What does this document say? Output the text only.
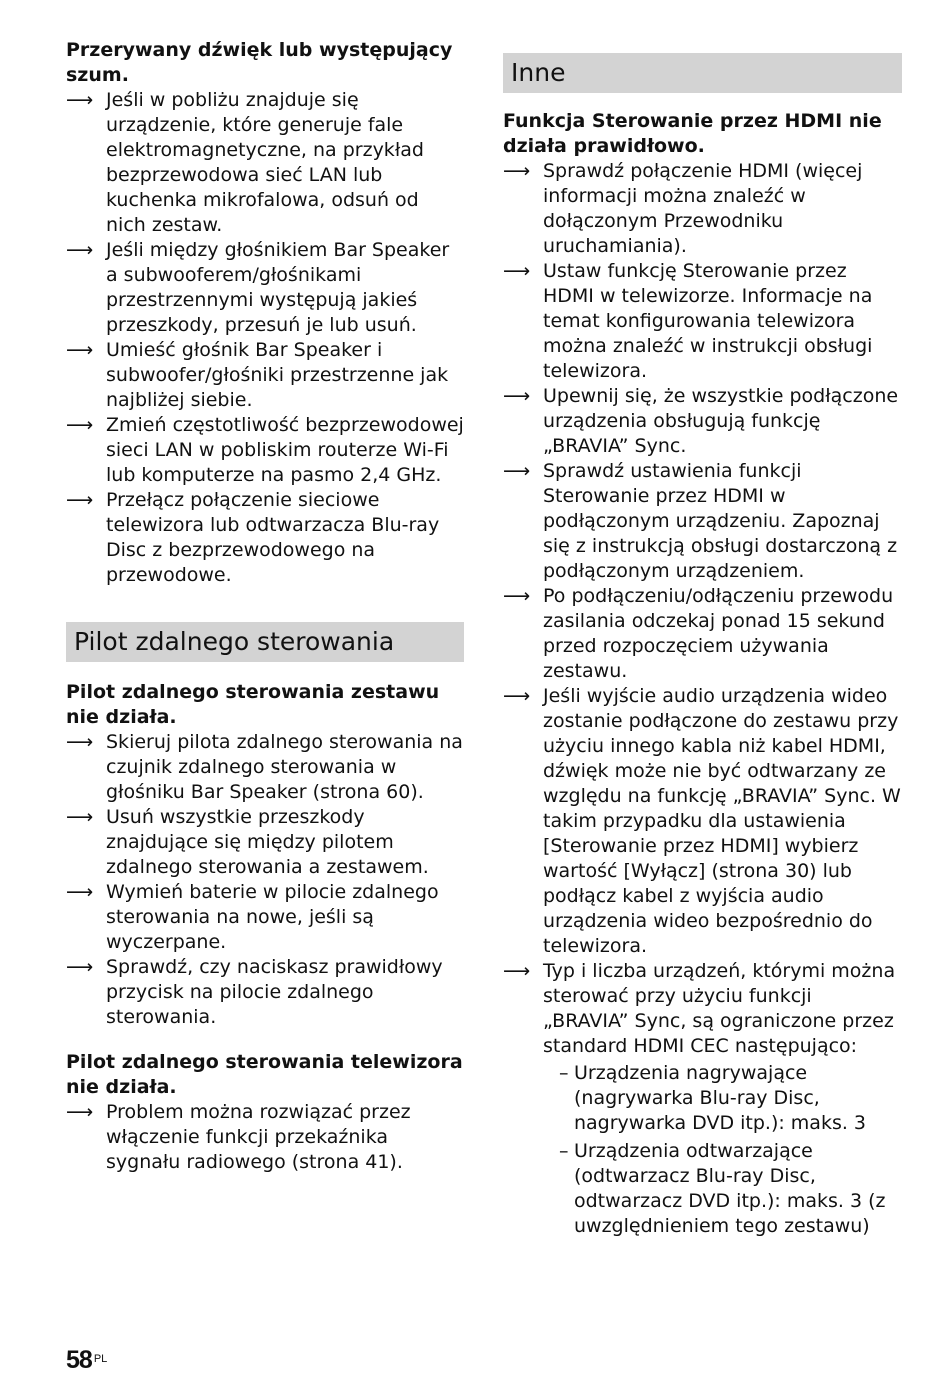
Przerywany dźwięk lub występujący szum.

⟶ Jeśli w pobliżu znajduje się urządzenie, które generuje fale elektromagnetyczne, na przykład bezprzewodowa sieć LAN lub kuchenka mikrofalowa, odsuń od nich zestaw.
⟶ Jeśli między głośnikiem Bar Speaker a subwooferem/głośnikami przestrzennymi występują jakieś przeszkody, przesuń je lub usuń.
⟶ Umieść głośnik Bar Speaker i subwoofer/głośniki przestrzenne jak najbliżej siebie.
⟶ Zmień częstotliwość bezprzewodowej sieci LAN w pobliskim routerze Wi-Fi lub komputerze na pasmo 2,4 GHz.
⟶ Przełącz połączenie sieciowe telewizora lub odtwarzacza Blu-ray Disc z bezprzewodowego na przewodowe.
Pilot zdalnego sterowania

Pilot zdalnego sterowania zestawu nie działa.

⟶ Skieruj pilota zdalnego sterowania na czujnik zdalnego sterowania w głośniku Bar Speaker (strona 60).
⟶ Usuń wszystkie przeszkody znajdujące się między pilotem zdalnego sterowania a zestawem.
⟶ Wymień baterie w pilocie zdalnego sterowania na nowe, jeśli są wyczerpane.
⟶ Sprawdź, czy naciskasz prawidłowy przycisk na pilocie zdalnego sterowania.

Pilot zdalnego sterowania telewizora nie działa.

⟶ Problem można rozwiązać przez włączenie funkcji przekaźnika sygnału radiowego (strona 41).
Inne

Funkcja Sterowanie przez HDMI nie działa prawidłowo.

⟶ Sprawdź połączenie HDMI (więcej informacji można znaleźć w dołączonym Przewodniku uruchamiania).
⟶ Ustaw funkcję Sterowanie przez HDMI w telewizorze. Informacje na temat konfigurowania telewizora można znaleźć w instrukcji obsługi telewizora.
⟶ Upewnij się, że wszystkie podłączone urządzenia obsługują funkcję „BRAVIA” Sync.
⟶ Sprawdź ustawienia funkcji Sterowanie przez HDMI w podłączonym urządzeniu. Zapoznaj się z instrukcją obsługi dostarczoną z podłączonym urządzeniem.
⟶ Po podłączeniu/odłączeniu przewodu zasilania odczekaj ponad 15 sekund przed rozpoczęciem używania zestawu.
⟶ Jeśli wyjście audio urządzenia wideo zostanie podłączone do zestawu przy użyciu innego kabla niż kabel HDMI, dźwięk może nie być odtwarzany ze względu na funkcję „BRAVIA” Sync. W takim przypadku dla ustawienia [Sterowanie przez HDMI] wybierz wartość [Wyłącz] (strona 30) lub podłącz kabel z wyjścia audio urządzenia wideo bezpośrednio do telewizora.
⟶ Typ i liczba urządzeń, którymi można sterować przy użyciu funkcji „BRAVIA” Sync, są ograniczone przez standard HDMI CEC następująco:
– Urządzenia nagrywające (nagrywarka Blu-ray Disc, nagrywarka DVD itp.): maks. 3
– Urządzenia odtwarzające (odtwarzacz Blu-ray Disc, odtwarzacz DVD itp.): maks. 3 (z uwzględnieniem tego zestawu)
58 $_{PL}$
